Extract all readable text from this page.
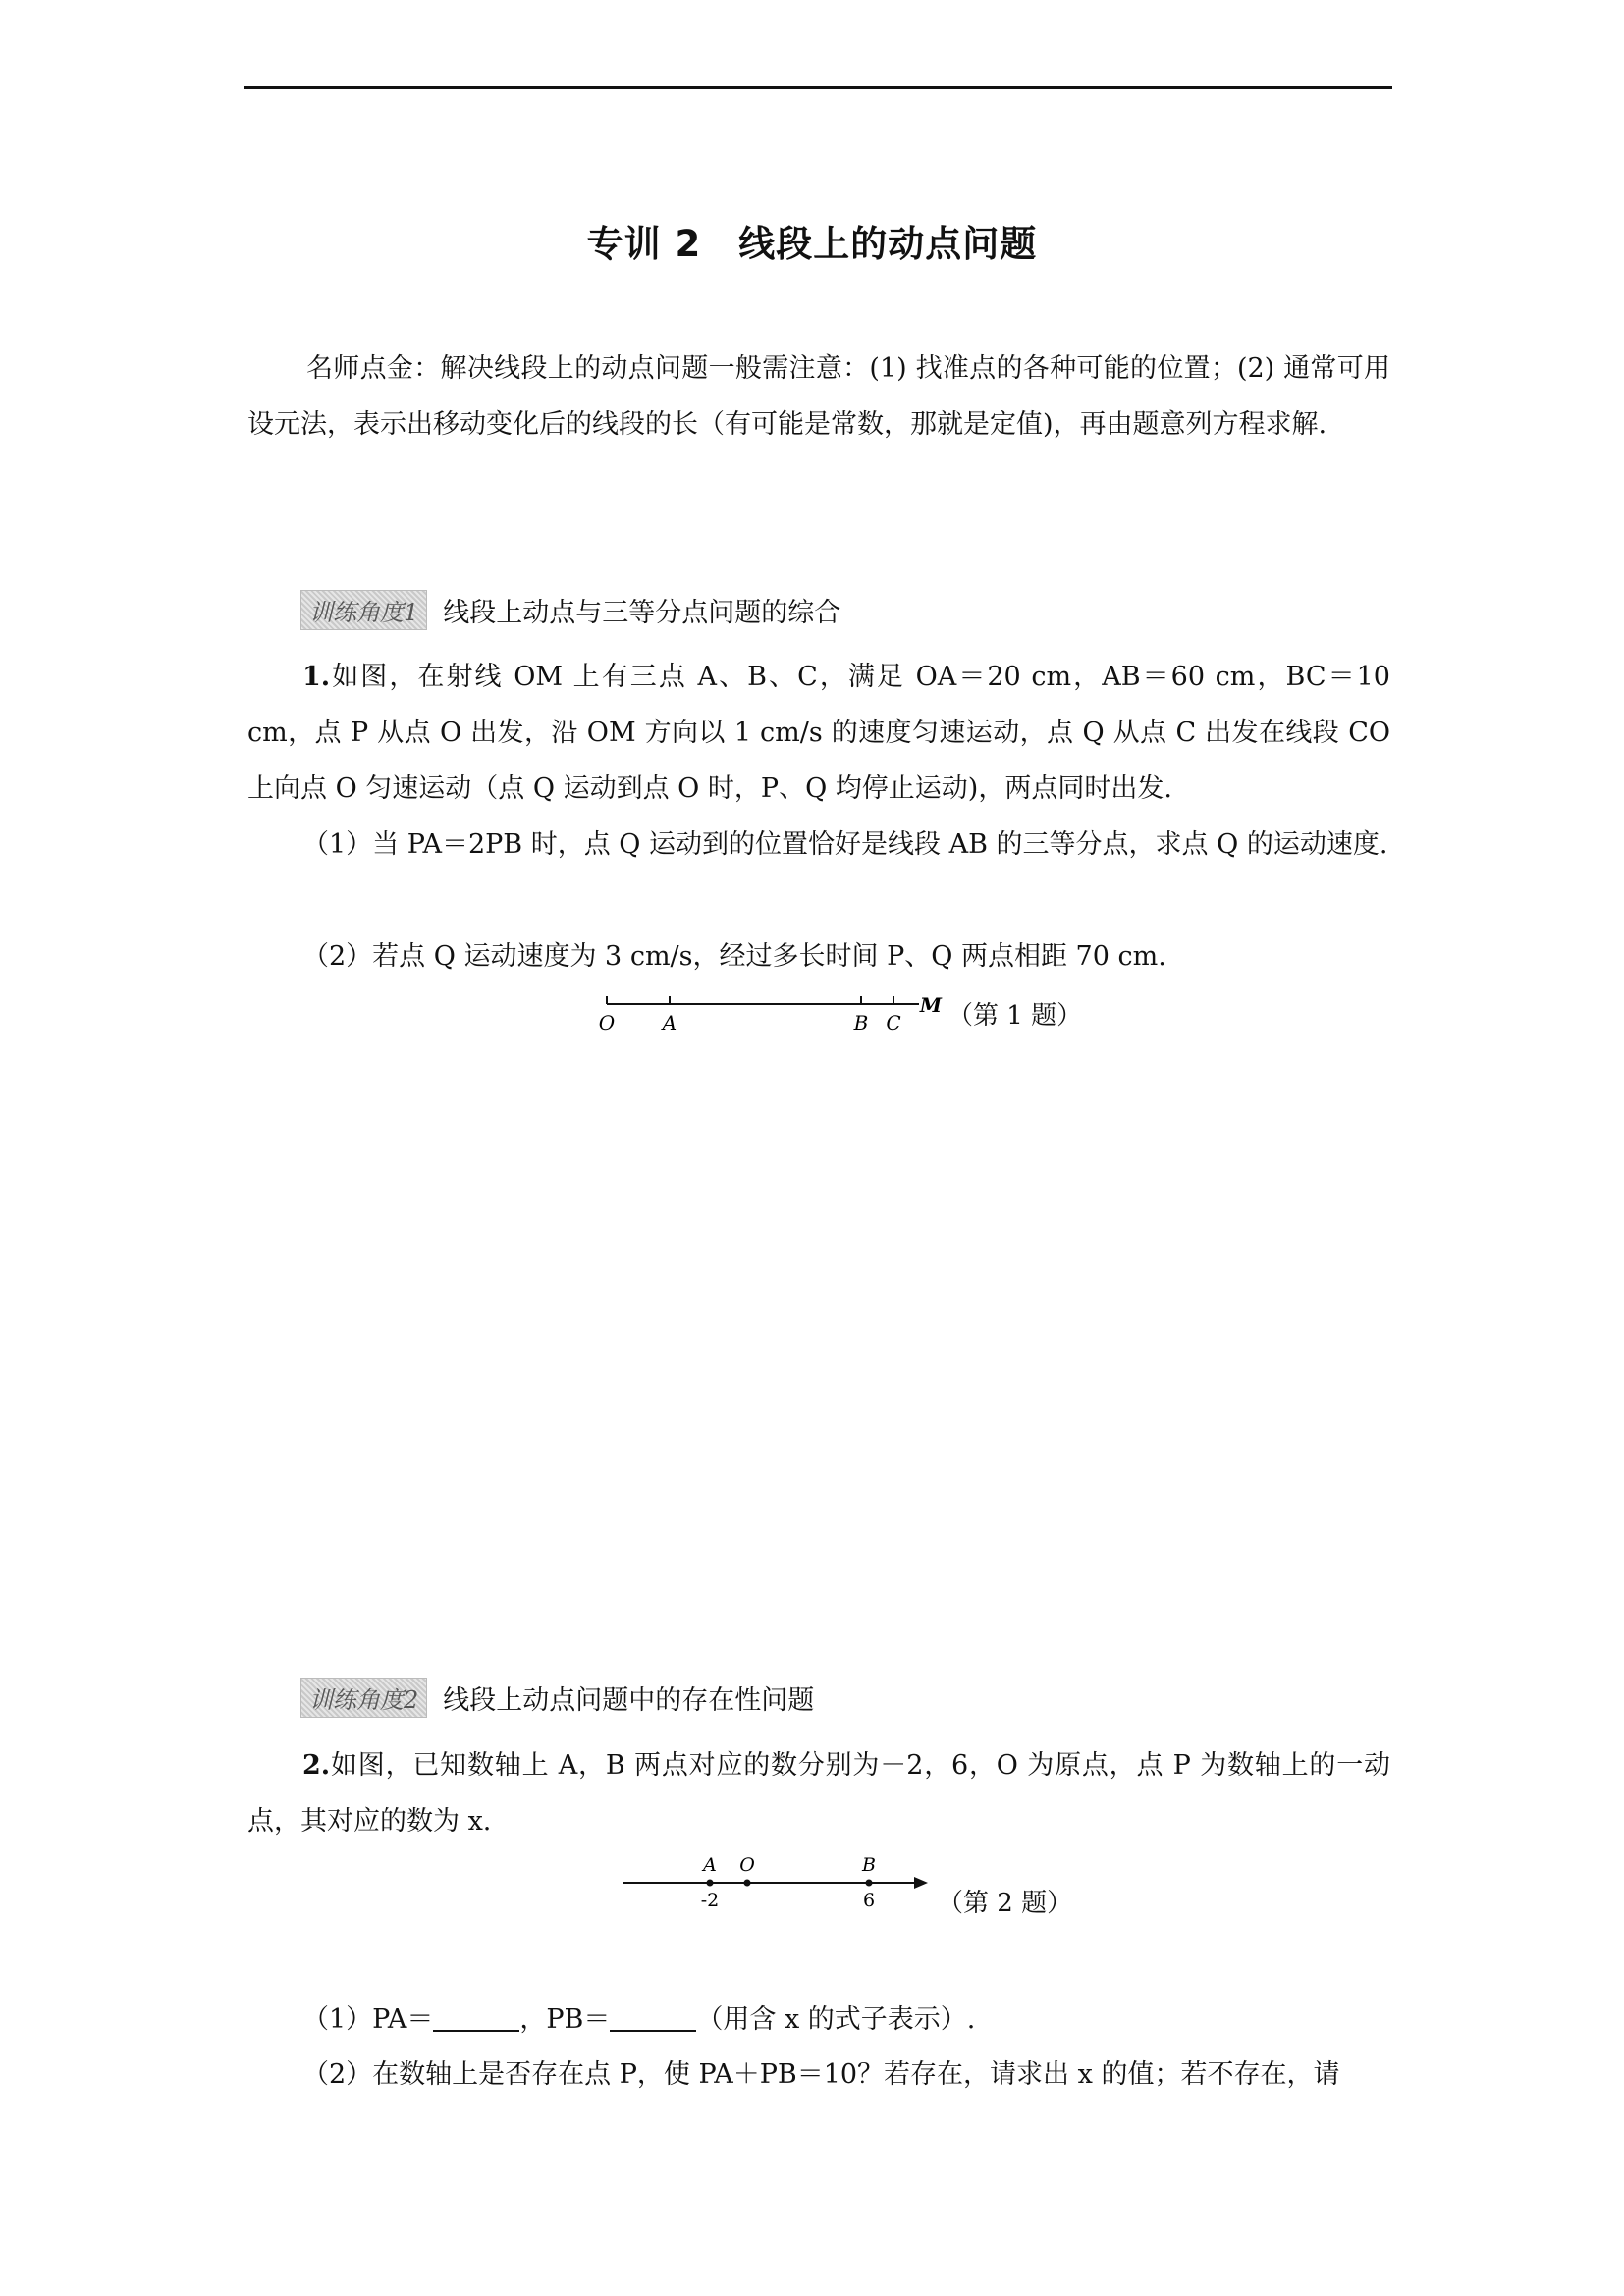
专训 2　线段上的动点问题
名师点金：解决线段上的动点问题一般需注意：(1) 找准点的各种可能的位置；(2) 通常可用设元法，表示出移动变化后的线段的长（有可能是常数，那就是定值)，再由题意列方程求解.
训练角度1 线段上动点与三等分点问题的综合
1.如图，在射线 OM 上有三点 A、B、C，满足 OA＝20 cm，AB＝60 cm，BC＝10 cm，点 P 从点 O 出发，沿 OM 方向以 1 cm/s 的速度匀速运动，点 Q 从点 C 出发在线段 CO 上向点 O 匀速运动（点 Q 运动到点 O 时，P、Q 均停止运动)，两点同时出发.
（1）当 PA＝2PB 时，点 Q 运动到的位置恰好是线段 AB 的三等分点，求点 Q 的运动速度.
（2）若点 Q 运动速度为 3 cm/s，经过多长时间 P、Q 两点相距 70 cm.
O A	B C
M （第 1 题）
训练角度2 线段上动点问题中的存在性问题
2.如图，已知数轴上 A，B 两点对应的数分别为－2，6，O 为原点，点 P 为数轴上的一动点，其对应的数为 x.
A O	B
-2	6 （第 2 题）
（1）PA＝	，PB＝	（用含 x 的式子表示）.
（2）在数轴上是否存在点 P，使 PA＋PB＝10？若存在，请求出 x 的值；若不存在，请
